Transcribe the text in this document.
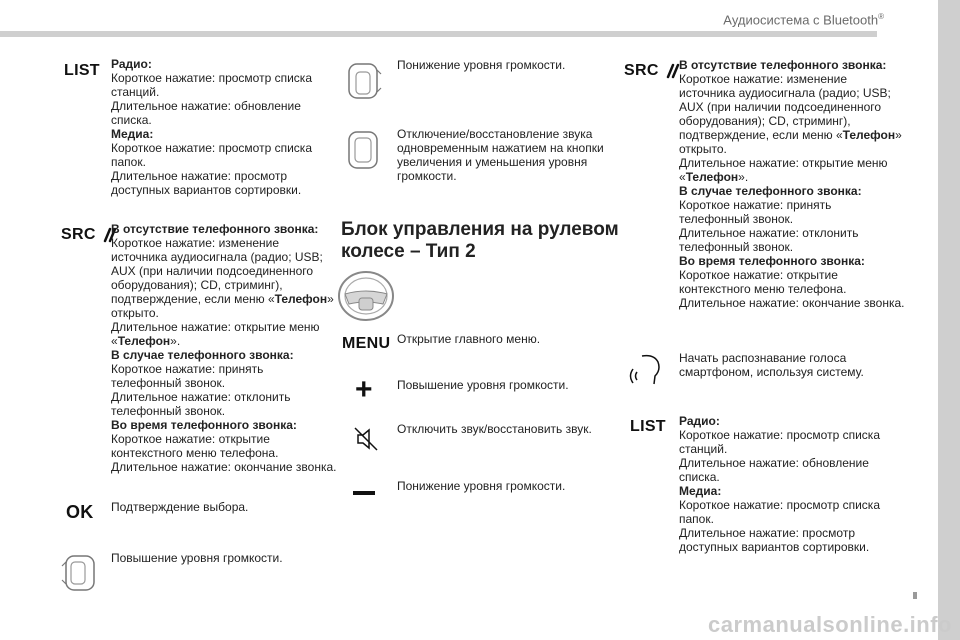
Аудиосистема с Bluetooth®
carmanualsonline.info
LIST Радио:
Короткое нажатие: просмотр списка
станций.
Длительное нажатие: обновление
списка.
Медиа:
Короткое нажатие: просмотр списка
папок.
Длительное нажатие: просмотр
доступных вариантов сортировки.
SRC	В отсутствие телефонного звонка:
Короткое нажатие: изменение
источника аудиосигнала (радио; USB;
AUX (при наличии подсоединенного
оборудования); CD, стриминг),
подтверждение, если меню «Телефон»
открыто.
Длительное нажатие: открытие меню
«Телефон».
В случае телефонного звонка:
Короткое нажатие: принять
телефонный звонок.
Длительное нажатие: отклонить
телефонный звонок.
Во время телефонного звонка:
Короткое нажатие: открытие
контекстного меню телефона.
Длительное нажатие: окончание звонка.
OK Подтверждение выбора.
Повышение уровня громкости.
Понижение уровня громкости.
Отключение/восстановление звука
одновременным нажатием на кнопки
увеличения и уменьшения уровня
громкости.
Блок управления на рулевом
колесе – Тип 2
MENU Открытие главного меню.
+ Повышение уровня громкости.
Отключить звук/восстановить звук.
Понижение уровня громкости.
SRC	В отсутствие телефонного звонка:
Короткое нажатие: изменение
источника аудиосигнала (радио; USB;
AUX (при наличии подсоединенного
оборудования); CD, стриминг),
подтверждение, если меню «Телефон»
открыто.
Длительное нажатие: открытие меню
«Телефон».
В случае телефонного звонка:
Короткое нажатие: принять
телефонный звонок.
Длительное нажатие: отклонить
телефонный звонок.
Во время телефонного звонка:
Короткое нажатие: открытие
контекстного меню телефона.
Длительное нажатие: окончание звонка.
Начать распознавание голоса
смартфоном, используя систему.
LIST Радио:
Короткое нажатие: просмотр списка
станций.
Длительное нажатие: обновление
списка.
Медиа:
Короткое нажатие: просмотр списка
папок.
Длительное нажатие: просмотр
доступных вариантов сортировки.
